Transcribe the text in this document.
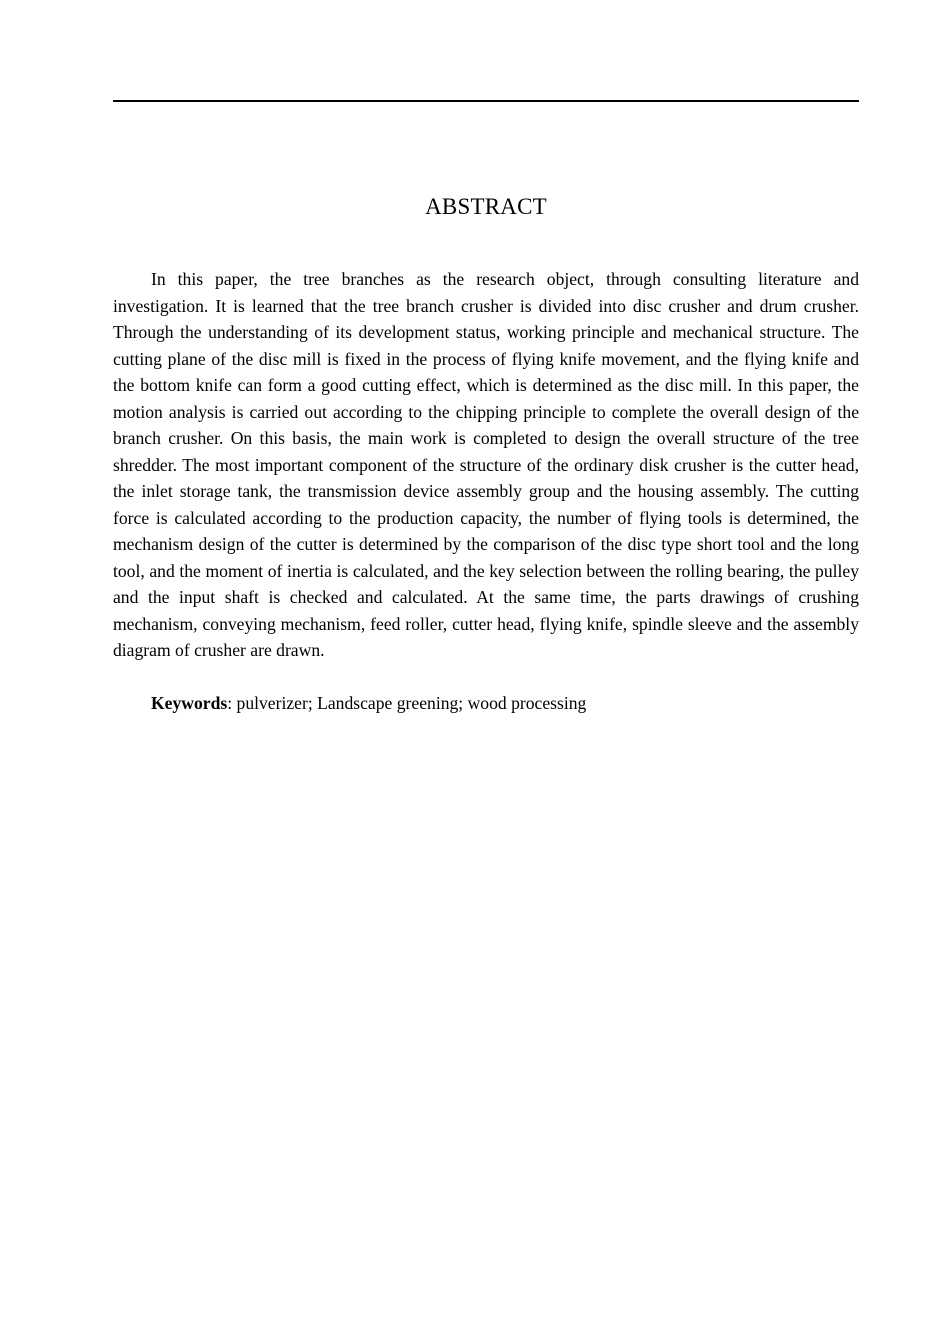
ABSTRACT

In this paper, the tree branches as the research object, through consulting literature and investigation. It is learned that the tree branch crusher is divided into disc crusher and drum crusher. Through the understanding of its development status, working principle and mechanical structure. The cutting plane of the disc mill is fixed in the process of flying knife movement, and the flying knife and the bottom knife can form a good cutting effect, which is determined as the disc mill. In this paper, the motion analysis is carried out according to the chipping principle to complete the overall design of the branch crusher. On this basis, the main work is completed to design the overall structure of the tree shredder. The most important component of the structure of the ordinary disk crusher is the cutter head, the inlet storage tank, the transmission device assembly group and the housing assembly. The cutting force is calculated according to the production capacity, the number of flying tools is determined, the mechanism design of the cutter is determined by the comparison of the disc type short tool and the long tool, and the moment of inertia is calculated, and the key selection between the rolling bearing, the pulley and the input shaft is checked and calculated. At the same time, the parts drawings of crushing mechanism, conveying mechanism, feed roller, cutter head, flying knife, spindle sleeve and the assembly diagram of crusher are drawn.

Keywords: pulverizer; Landscape greening; wood processing
